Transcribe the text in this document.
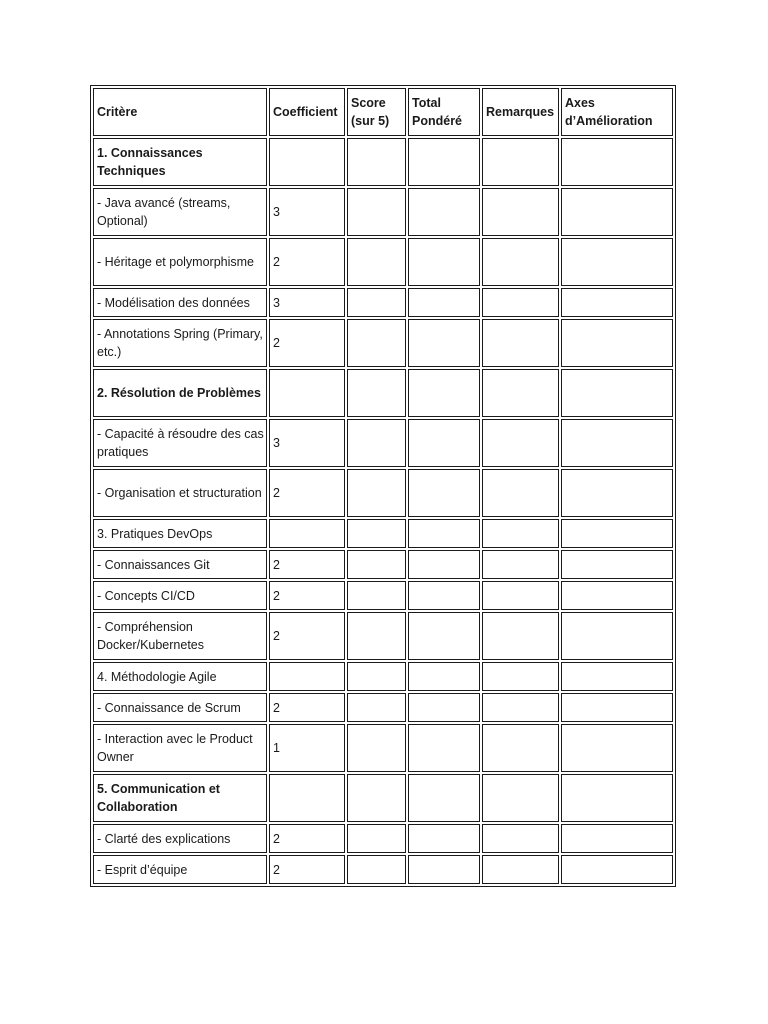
Critère	Coefficient	Score (sur 5)	Total Pondéré	Remarques	Axes d’Amélioration
1. Connaissances Techniques					
- Java avancé (streams, Optional)	3				
- Héritage et polymorphisme	2				
- Modélisation des données	3				
- Annotations Spring (Primary, etc.)	2				
2. Résolution de Problèmes					
- Capacité à résoudre des cas pratiques	3				
- Organisation et structuration	2				
3. Pratiques DevOps					
- Connaissances Git	2				
- Concepts CI/CD	2				
- Compréhension Docker/Kubernetes	2				
4. Méthodologie Agile					
- Connaissance de Scrum	2				
- Interaction avec le Product Owner	1				
5. Communication et Collaboration					
- Clarté des explications	2				
- Esprit d’équipe	2				
